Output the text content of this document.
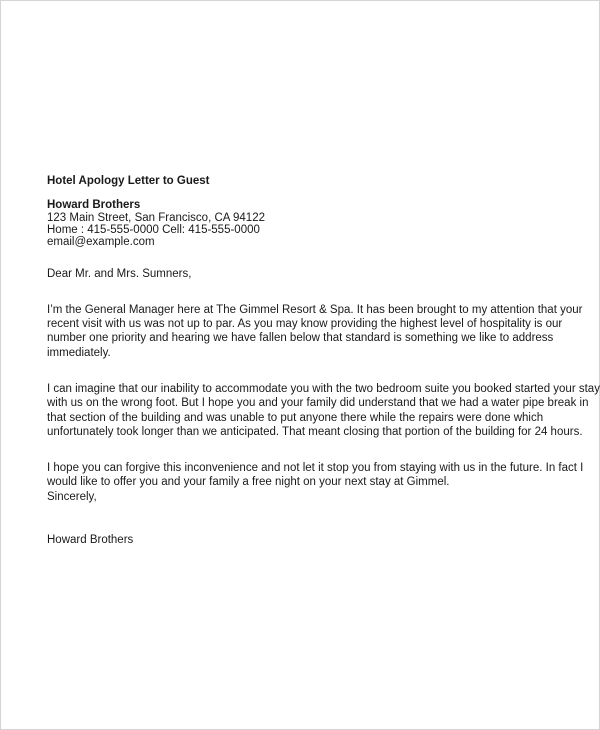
Hotel Apology Letter to Guest
Howard Brothers
123 Main Street, San Francisco, CA 94122
Home : 415-555-0000 Cell: 415-555-0000
email@example.com
Dear Mr. and Mrs. Sumners,
I’m the General Manager here at The Gimmel Resort & Spa. It has been brought to my attention that your
recent visit with us was not up to par. As you may know providing the highest level of hospitality is our
number one priority and hearing we have fallen below that standard is something we like to address
immediately.
I can imagine that our inability to accommodate you with the two bedroom suite you booked started your stay
with us on the wrong foot. But I hope you and your family did understand that we had a water pipe break in
that section of the building and was unable to put anyone there while the repairs were done which
unfortunately took longer than we anticipated. That meant closing that portion of the building for 24 hours.
I hope you can forgive this inconvenience and not let it stop you from staying with us in the future. In fact I
would like to offer you and your family a free night on your next stay at Gimmel.
Sincerely,
Howard Brothers
